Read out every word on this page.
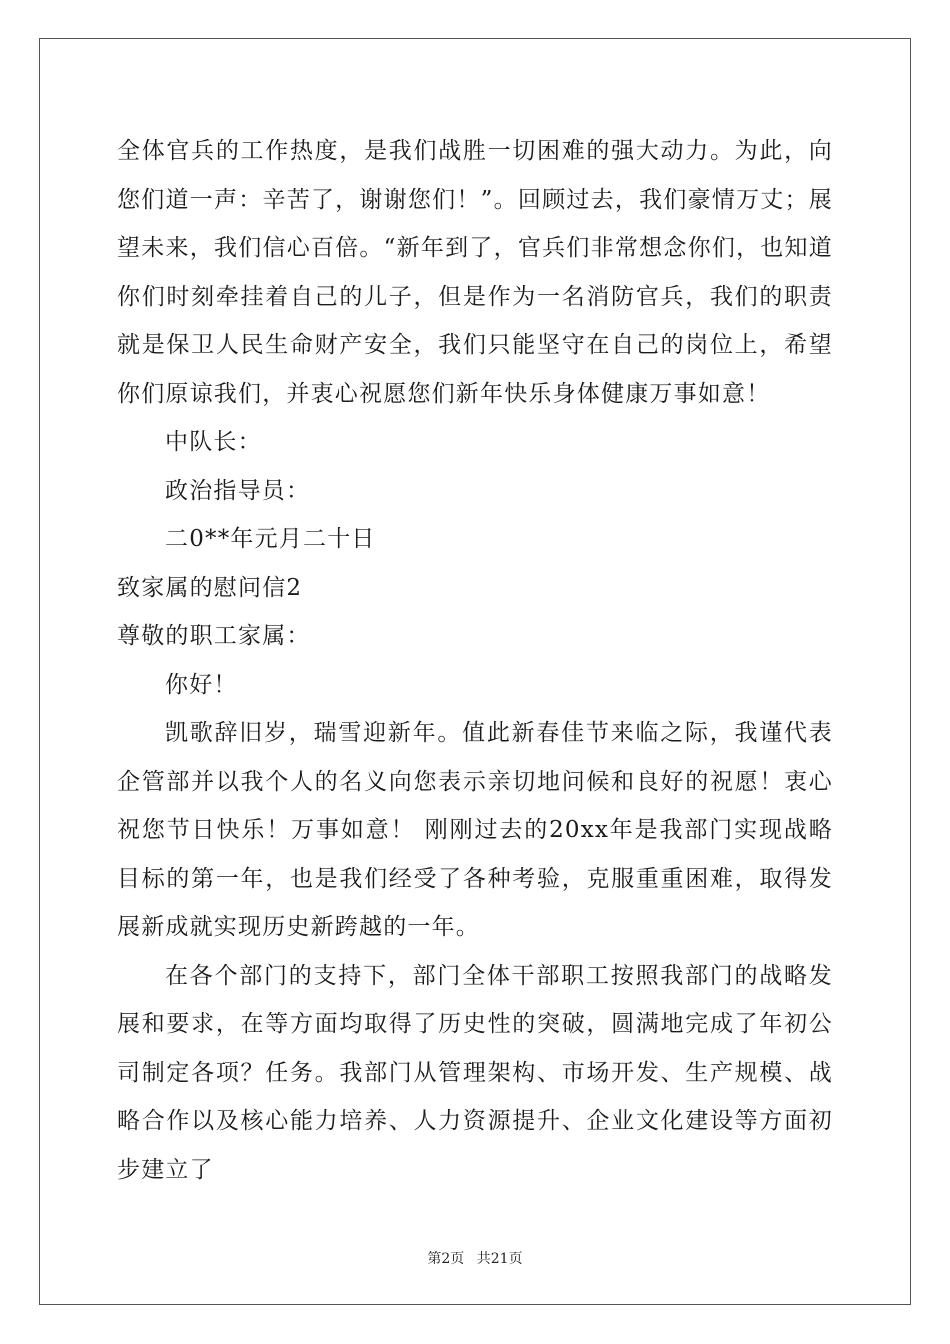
全体官兵的工作热度，是我们战胜一切困难的强大动力。为此，向您们道一声：辛苦了，谢谢您们！”。回顾过去，我们豪情万丈；展望未来，我们信心百倍。“新年到了，官兵们非常想念你们，也知道你们时刻牵挂着自己的儿子，但是作为一名消防官兵，我们的职责就是保卫人民生命财产安全，我们只能坚守在自己的岗位上，希望你们原谅我们，并衷心祝愿您们新年快乐身体健康万事如意！

中队长：

政治指导员：

二0**年元月二十日

致家属的慰问信2

尊敬的职工家属：

你好！

凯歌辞旧岁，瑞雪迎新年。值此新春佳节来临之际，我谨代表企管部并以我个人的名义向您表示亲切地问候和良好的祝愿！衷心祝您节日快乐！万事如意！ 刚刚过去的20xx年是我部门实现战略目标的第一年，也是我们经受了各种考验，克服重重困难，取得发展新成就实现历史新跨越的一年。

在各个部门的支持下，部门全体干部职工按照我部门的战略发展和要求，在等方面均取得了历史性的突破，圆满地完成了年初公司制定各项？任务。我部门从管理架构、市场开发、生产规模、战略合作以及核心能力培养、人力资源提升、企业文化建设等方面初步建立了

第2页 共21页
